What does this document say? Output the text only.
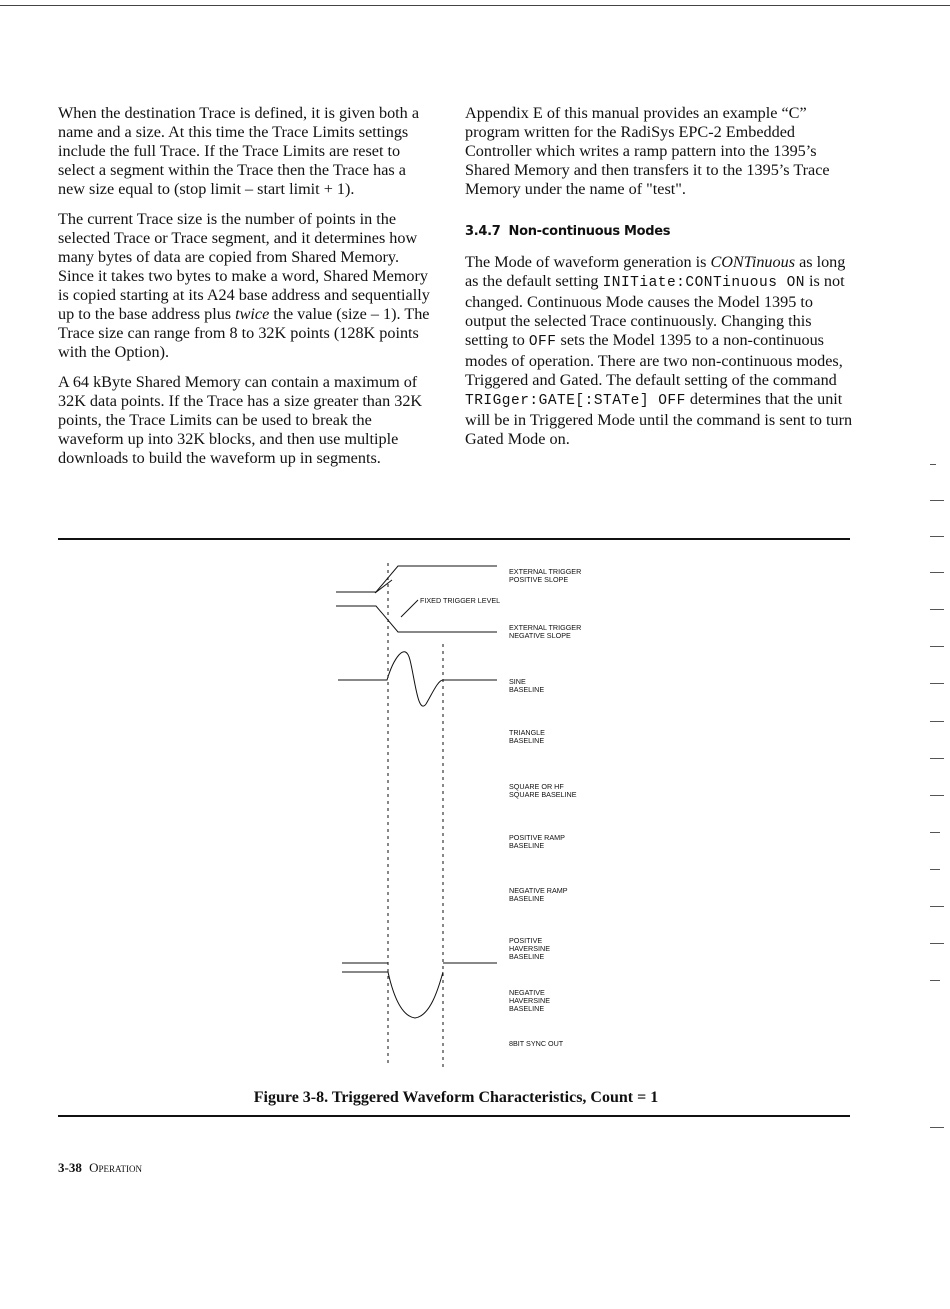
When the destination Trace is defined, it is given both a name and a size. At this time the Trace Limits settings include the full Trace. If the Trace Limits are reset to select a segment within the Trace then the Trace has a new size equal to (stop limit – start limit + 1).

The current Trace size is the number of points in the selected Trace or Trace segment, and it determines how many bytes of data are copied from Shared Memory. Since it takes two bytes to make a word, Shared Memory is copied starting at its A24 base address and sequentially up to the base address plus twice the value (size – 1). The Trace size can range from 8 to 32K points (128K points with the Option).

A 64 kByte Shared Memory can contain a maximum of 32K data points. If the Trace has a size greater than 32K points, the Trace Limits can be used to break the waveform up into 32K blocks, and then use multiple downloads to build the waveform up in segments.

Appendix E of this manual provides an example “C” program written for the RadiSys EPC-2 Embedded Controller which writes a ramp pattern into the 1395’s Shared Memory and then transfers it to the 1395’s Trace Memory under the name of "test".

3.4.7 Non-continuous Modes

The Mode of waveform generation is CONTinuous as long as the default setting INITiate:CONTinuous ON is not changed. Continuous Mode causes the Model 1395 to output the selected Trace continuously. Changing this setting to OFF sets the Model 1395 to a non-continuous modes of operation. There are two non-continuous modes, Triggered and Gated. The default setting of the command TRIGger:GATE[:STATe] OFF determines that the unit will be in Triggered Mode until the command is sent to turn Gated Mode on.

EXTERNAL TRIGGER POSITIVE SLOPE
EXTERNAL TRIGGER NEGATIVE SLOPE
SINE BASELINE
TRIANGLE BASELINE
SQUARE OR HF SQUARE BASELINE
POSITIVE RAMP BASELINE
NEGATIVE RAMP BASELINE
POSITIVE HAVERSINE BASELINE
NEGATIVE HAVERSINE BASELINE
8BIT SYNC OUT
FIXED TRIGGER LEVEL
Figure 3-8. Triggered Waveform Characteristics, Count = 1
3-38 Operation
